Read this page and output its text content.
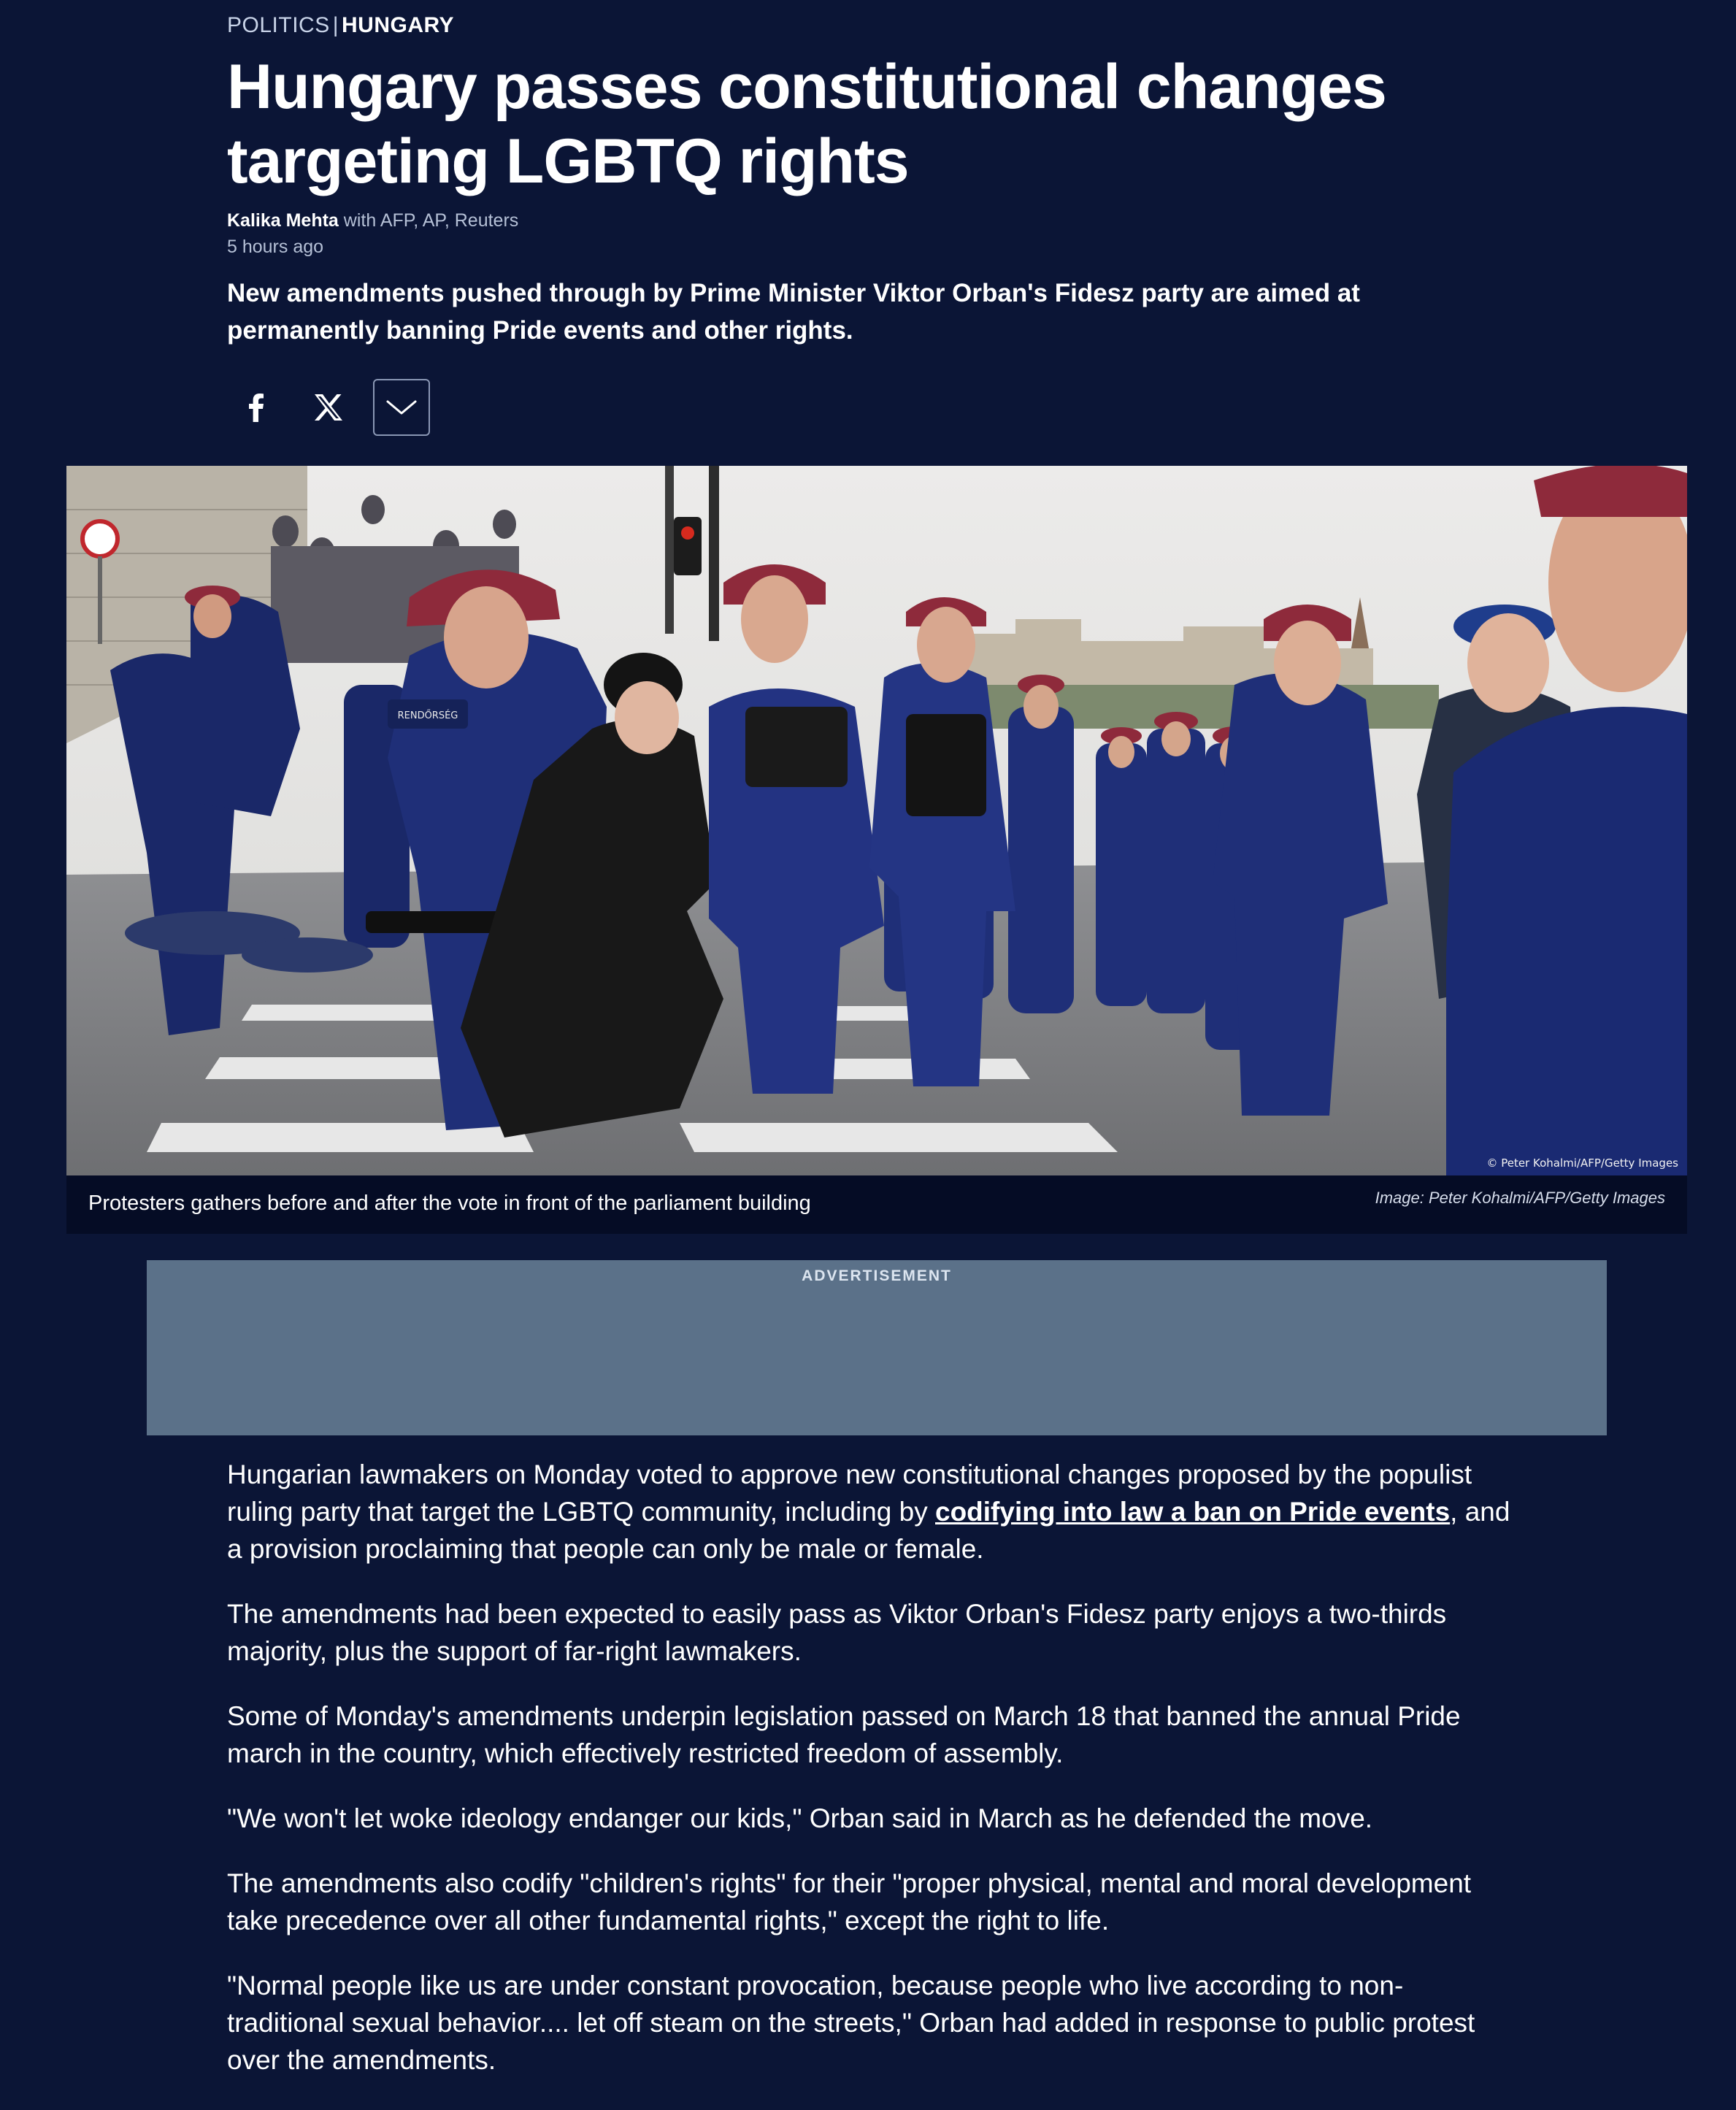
POLITICS | HUNGARY
Hungary passes constitutional changes targeting LGBTQ rights
Kalika Mehta with AFP, AP, Reuters
5 hours ago

New amendments pushed through by Prime Minister Viktor Orban's Fidesz party are aimed at permanently banning Pride events and other rights.

RENDŐRSÉG
© Peter Kohalmi/AFP/Getty Images
Protesters gathers before and after the vote in front of the parliament building	Image: Peter Kohalmi/AFP/Getty Images
ADVERTISEMENT

Hungarian lawmakers on Monday voted to approve new constitutional changes proposed by the populist ruling party that target the LGBTQ community, including by codifying into law a ban on Pride events, and a provision proclaiming that people can only be male or female.

The amendments had been expected to easily pass as Viktor Orban's Fidesz party enjoys a two-thirds majority, plus the support of far-right lawmakers.

Some of Monday's amendments underpin legislation passed on March 18 that banned the annual Pride march in the country, which effectively restricted freedom of assembly.

"We won't let woke ideology endanger our kids," Orban said in March as he defended the move.

The amendments also codify "children's rights" for their "proper physical, mental and moral development take precedence over all other fundamental rights," except the right to life.

"Normal people like us are under constant provocation, because people who live according to non-traditional sexual behavior.... let off steam on the streets," Orban had added in response to public protest over the amendments.
